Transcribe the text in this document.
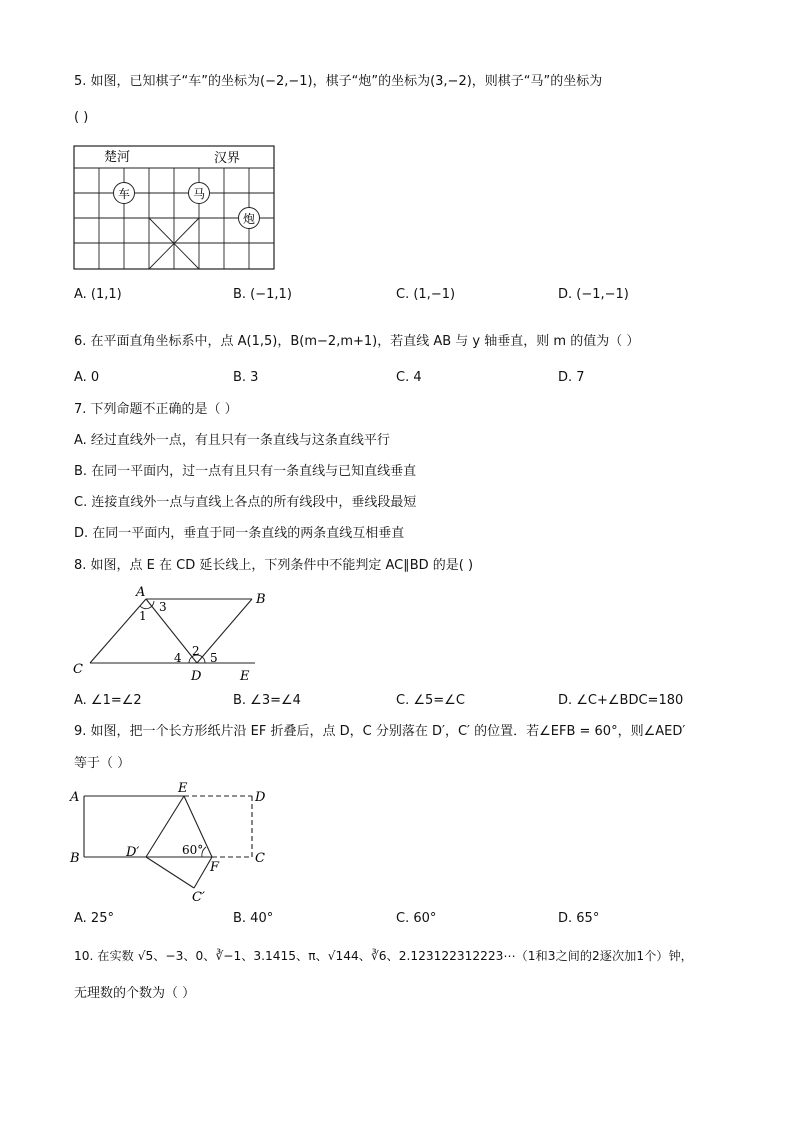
5. 如图，已知棋子“车”的坐标为(−2,−1)，棋子“炮”的坐标为(3,−2)，则棋子“马”的坐标为
( )
楚河	汉界
车	马
炮
A. (1,1)	B. (−1,1)	C. (1,−1)	D. (−1,−1)
6. 在平面直角坐标系中，点 A(1,5)，B(m−2,m+1)，若直线 AB 与 y 轴垂直，则 m 的值为（ ）
A. 0	B. 3	C. 4	D. 7
7. 下列命题不正确的是（ ）
A. 经过直线外一点，有且只有一条直线与这条直线平行
B. 在同一平面内，过一点有且只有一条直线与已知直线垂直
C. 连接直线外一点与直线上各点的所有线段中，垂线段最短
D. 在同一平面内，垂直于同一条直线的两条直线互相垂直
8. 如图，点 E 在 CD 延长线上，下列条件中不能判定 AC∥BD 的是( )
A	B
C	D	E
1
2
3
4 5
A. ∠1=∠2	B. ∠3=∠4	C. ∠5=∠C	D. ∠C+∠BDC=180
9. 如图，把一个长方形纸片沿 EF 折叠后，点 D，C 分别落在 D′，C′ 的位置．若∠EFB = 60°，则∠AED′
等于（ ）
A
B
E
D
C
D′
F
C′
60°
A. 25°	B. 40°	C. 60°	D. 65°
10. 在实数 √5、−3、0、∛−1、3.1415、π、√144、∛6、2.123122312223⋯（1和3之间的2逐次加1个）钟，
无理数的个数为（ ）
